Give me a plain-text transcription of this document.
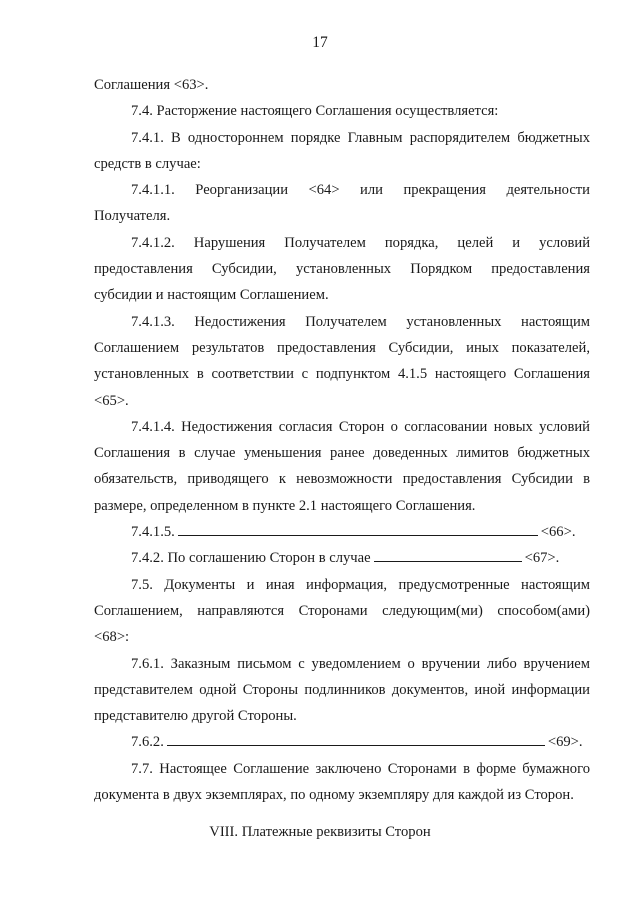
17

Соглашения <63>.

7.4. Расторжение настоящего Соглашения осуществляется:

7.4.1. В одностороннем порядке Главным распорядителем бюджетных

средств в случае:

7.4.1.1. Реорганизации <64> или прекращения деятельности

Получателя.

7.4.1.2. Нарушения Получателем порядка, целей и условий

предоставления Субсидии, установленных Порядком предоставления

субсидии и настоящим Соглашением.

7.4.1.3. Недостижения Получателем установленных настоящим

Соглашением результатов предоставления Субсидии, иных показателей,

установленных в соответствии с подпунктом 4.1.5 настоящего Соглашения

<65>.

7.4.1.4. Недостижения согласия Сторон о согласовании новых условий

Соглашения в случае уменьшения ранее доведенных лимитов бюджетных

обязательств, приводящего к невозможности предоставления Субсидии в

размере, определенном в пункте 2.1 настоящего Соглашения.

7.4.1.5.	<66>.
7.4.2. По соглашению Сторон в случае	<67>.

7.5. Документы и иная информация, предусмотренные настоящим

Соглашением, направляются Сторонами следующим(ми) способом(ами)

<68>:

7.6.1. Заказным письмом с уведомлением о вручении либо вручением

представителем одной Стороны подлинников документов, иной информации

представителю другой Стороны.

7.6.2.	<69>.

7.7. Настоящее Соглашение заключено Сторонами в форме бумажного

документа в двух экземплярах, по одному экземпляру для каждой из Сторон.

VIII. Платежные реквизиты Сторон
